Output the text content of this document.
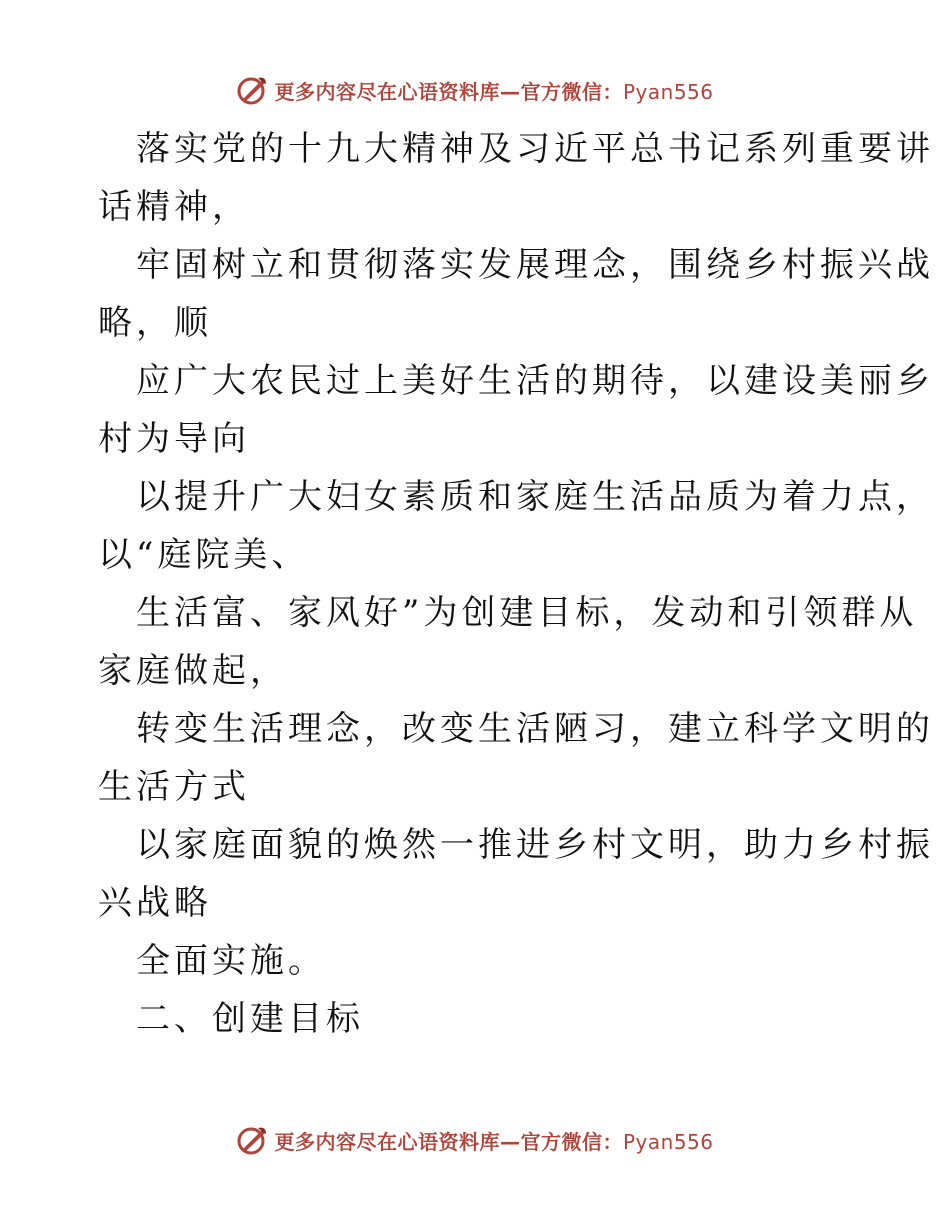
更多内容尽在心语资料库—官方微信：Pyan556
落实党的十九大精神及习近平总书记系列重要讲
话精神，
牢固树立和贯彻落实发展理念，围绕乡村振兴战
略，顺
应广大农民过上美好生活的期待，以建设美丽乡
村为导向
以提升广大妇女素质和家庭生活品质为着力点，
以“庭院美、
生活富、家风好”为创建目标，发动和引领群从
家庭做起，
转变生活理念，改变生活陋习，建立科学文明的
生活方式
以家庭面貌的焕然一推进乡村文明，助力乡村振
兴战略
全面实施。
二、创建目标
更多内容尽在心语资料库—官方微信：Pyan556
